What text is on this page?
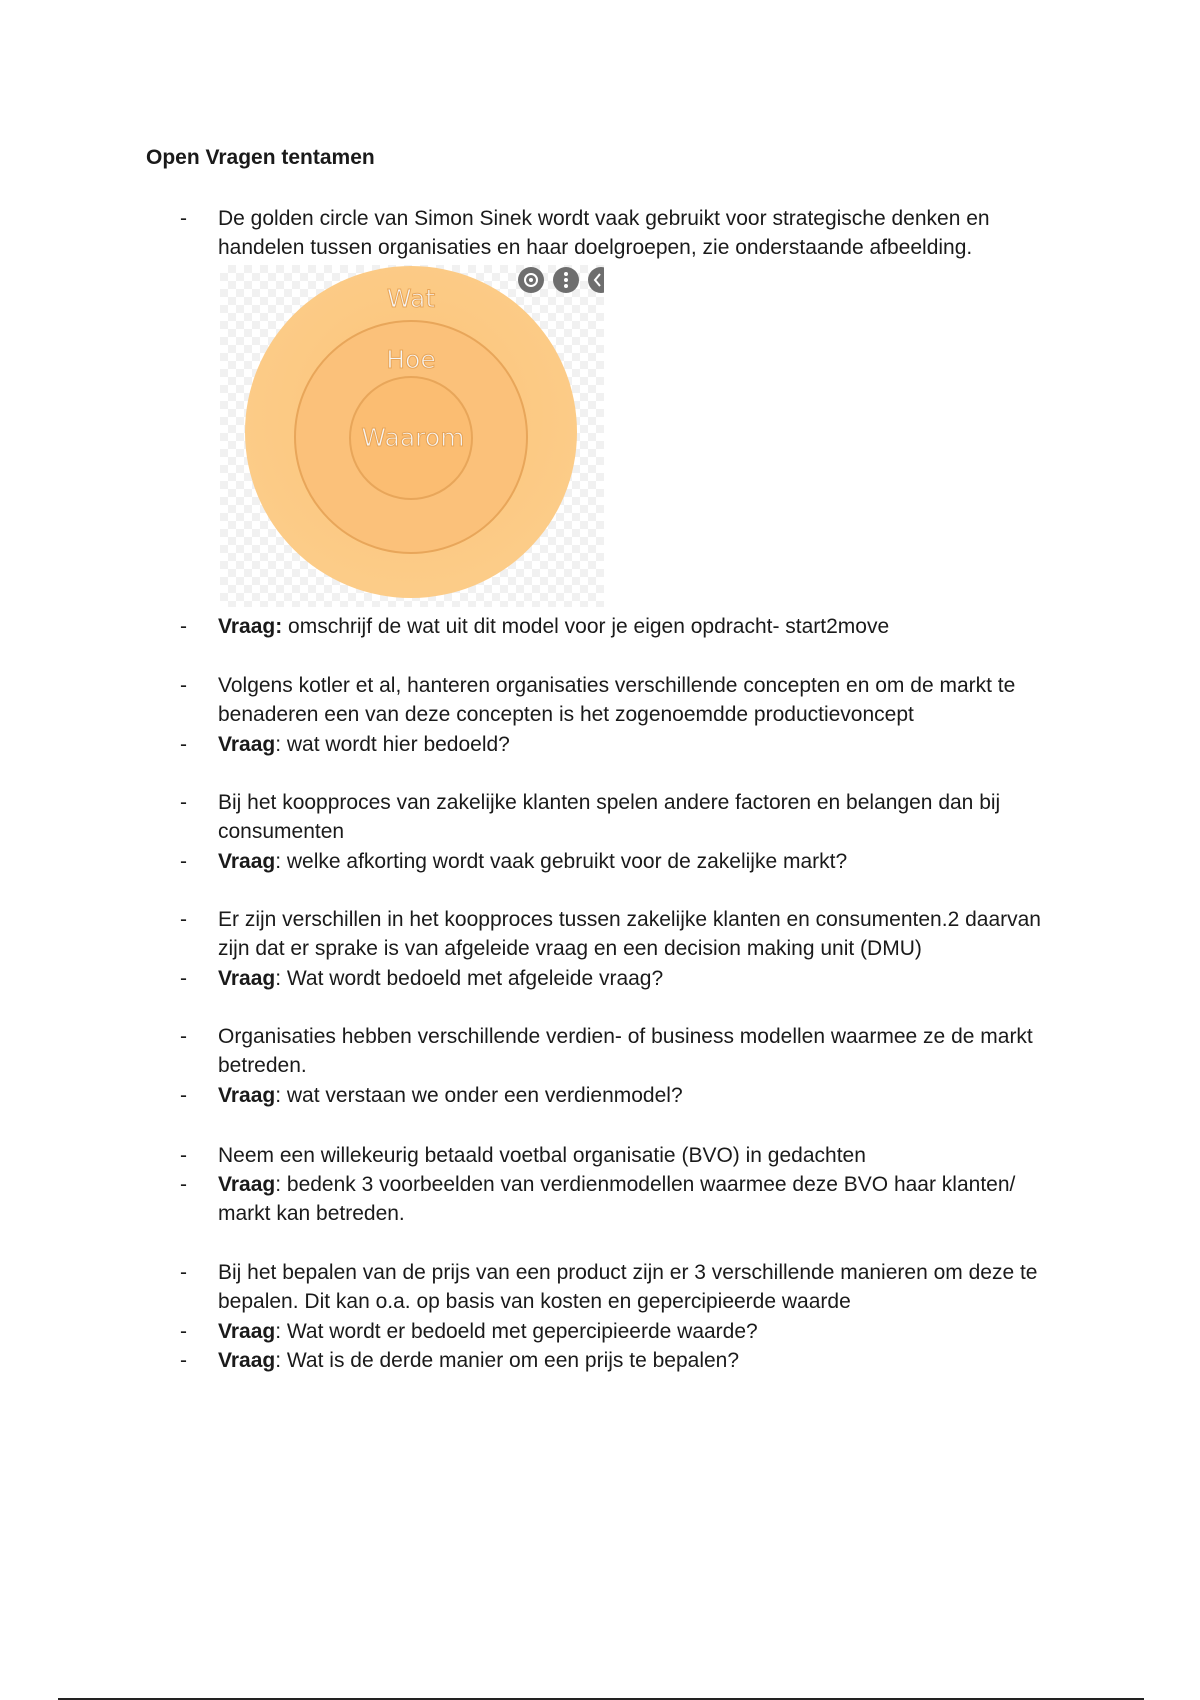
Open Vragen tentamen
-	De golden circle van Simon Sinek wordt vaak gebruikt voor strategische denken en handelen tussen organisaties en haar doelgroepen, zie onderstaande afbeelding.
Wat
Hoe
Waarom
-	Vraag: omschrijf de wat uit dit model voor je eigen opdracht- start2move
-	Volgens kotler et al, hanteren organisaties verschillende concepten en om de markt te benaderen een van deze concepten is het zogenoemdde productievoncept
-	Vraag: wat wordt hier bedoeld?
-	Bij het koopproces van zakelijke klanten spelen andere factoren en belangen dan bij consumenten
-	Vraag: welke afkorting wordt vaak gebruikt voor de zakelijke markt?
-	Er zijn verschillen in het koopproces tussen zakelijke klanten en consumenten.2 daarvan zijn dat er sprake is van afgeleide vraag en een decision making unit (DMU)
-	Vraag: Wat wordt bedoeld met afgeleide vraag?
-	Organisaties hebben verschillende verdien- of business modellen waarmee ze de markt betreden.
-	Vraag: wat verstaan we onder een verdienmodel?
-	Neem een willekeurig betaald voetbal organisatie (BVO) in gedachten
-	Vraag: bedenk 3 voorbeelden van verdienmodellen waarmee deze BVO haar klanten/ markt kan betreden.
-	Bij het bepalen van de prijs van een product zijn er 3 verschillende manieren om deze te bepalen. Dit kan o.a. op basis van kosten en gepercipieerde waarde
-	Vraag: Wat wordt er bedoeld met gepercipieerde waarde?
-	Vraag: Wat is de derde manier om een prijs te bepalen?
